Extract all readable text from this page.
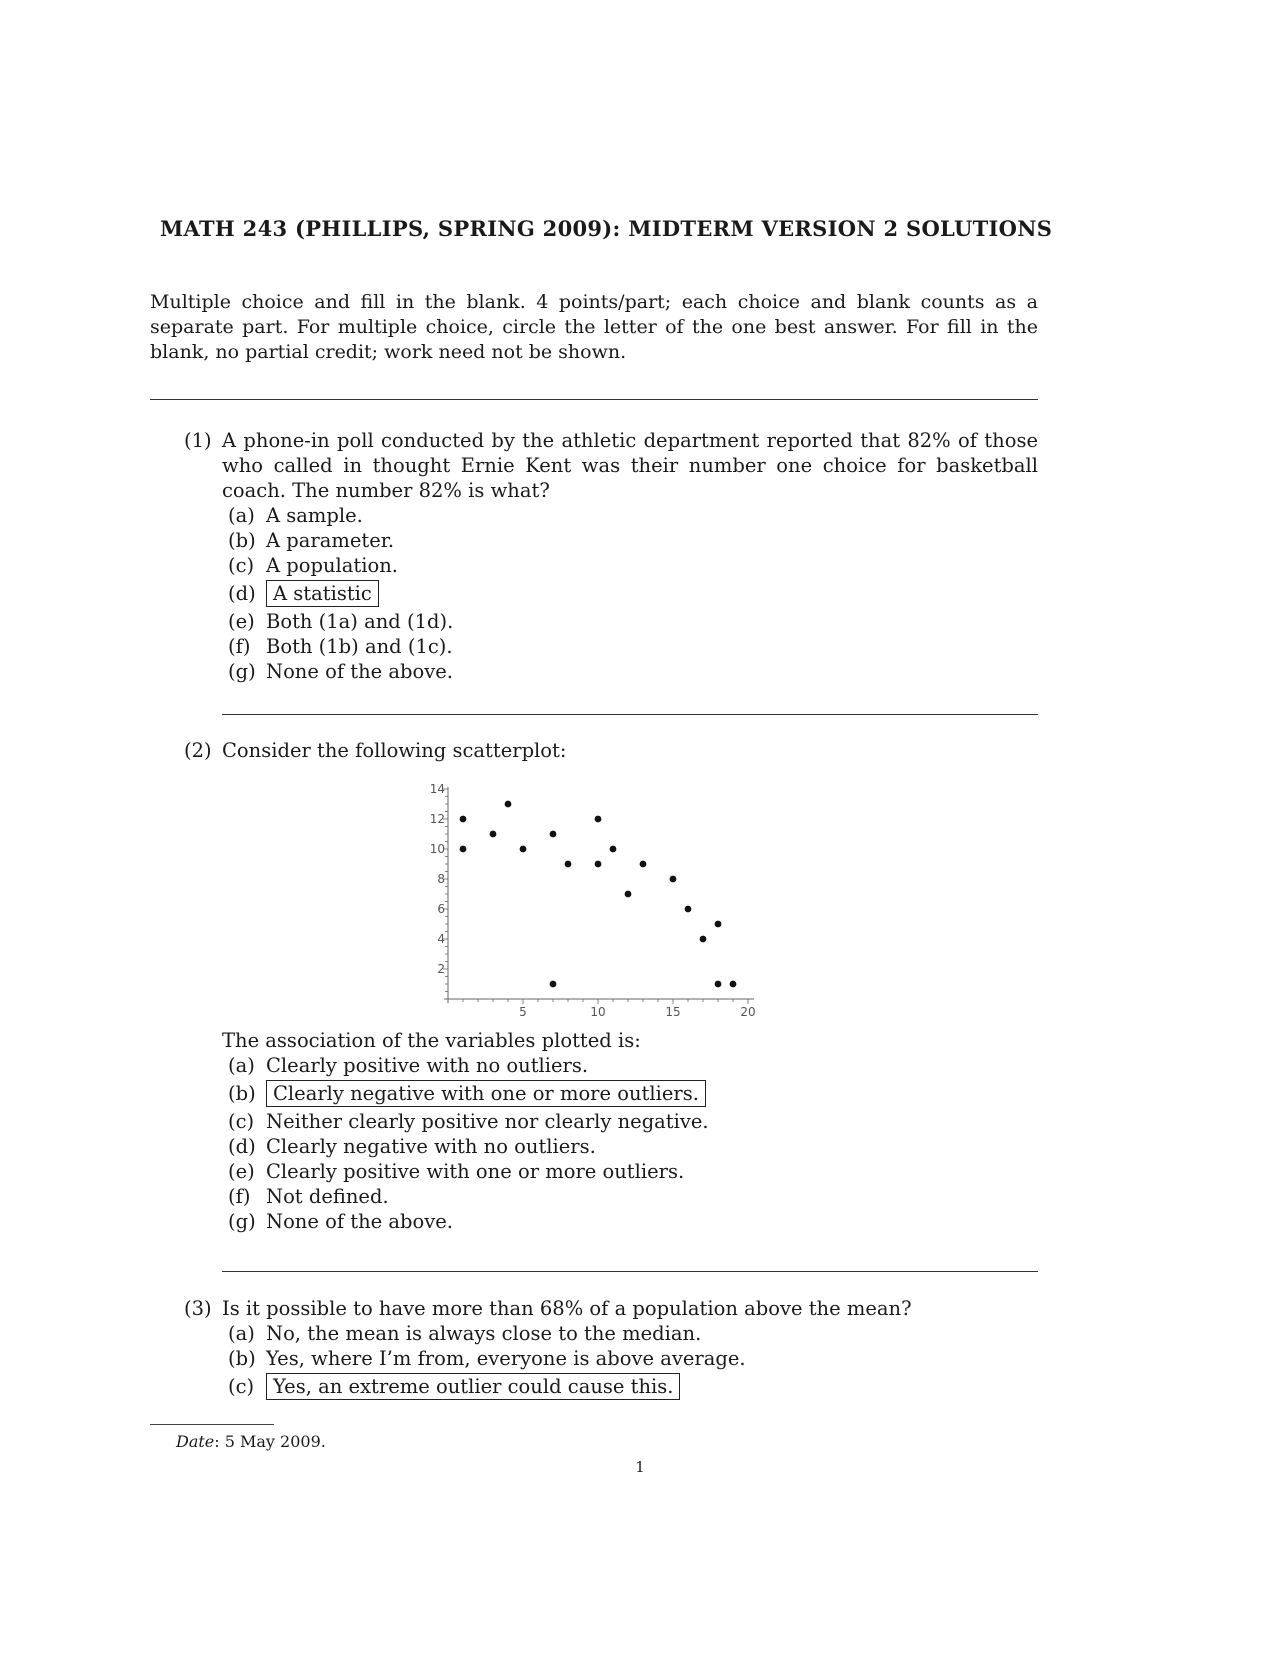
MATH 243 (PHILLIPS, SPRING 2009): MIDTERM VERSION 2 SOLUTIONS
Multiple choice and fill in the blank. 4 points/part; each choice and blank counts as a separate part. For multiple choice, circle the letter of the one best answer. For fill in the blank, no partial credit; work need not be shown.
(1) A phone-in poll conducted by the athletic department reported that 82% of those who called in thought Ernie Kent was their number one choice for basketball coach. The number 82% is what?
(a) A sample.
(b) A parameter.
(c) A population.
(d) A statistic
(e) Both (1a) and (1d).
(f) Both (1b) and (1c).
(g) None of the above.
(2) Consider the following scatterplot:
5	10	15	20
2
4
6
8
10
12
14
The association of the variables plotted is:
(a) Clearly positive with no outliers.
(b) Clearly negative with one or more outliers.
(c) Neither clearly positive nor clearly negative.
(d) Clearly negative with no outliers.
(e) Clearly positive with one or more outliers.
(f) Not defined.
(g) None of the above.
(3) Is it possible to have more than 68% of a population above the mean?
(a) No, the mean is always close to the median.
(b) Yes, where I’m from, everyone is above average.
(c) Yes, an extreme outlier could cause this.
Date: 5 May 2009.
1
